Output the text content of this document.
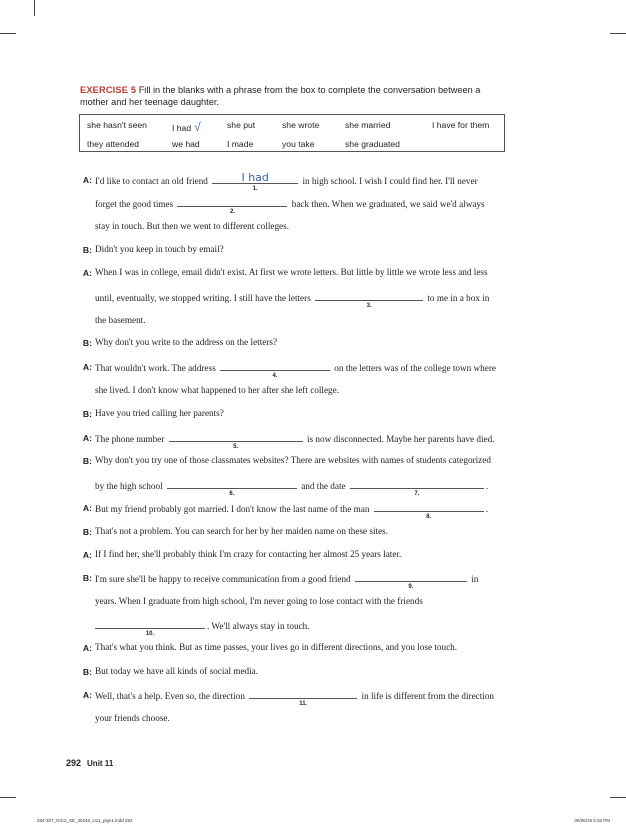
EXERCISE 5 Fill in the blanks with a phrase from the box to complete the conversation between a
mother and her teenage daughter.
she hasn't seen	I had √	she put	she wrote	she married	I have for them
they attended	we had	I made	you take	she graduated
A: I'd like to contact an old friend	I had
1.
in high school. I wish I could find her. I'll never
forget the good times
2.
back then. When we graduated, we said we'd always
stay in touch. But then we went to different colleges.
B: Didn't you keep in touch by email?
A: When I was in college, email didn't exist. At first we wrote letters. But little by little we wrote less and less
until, eventually, we stopped writing. I still have the letters
3.
to me in a box in
the basement.
B: Why don't you write to the address on the letters?
A: That wouldn't work. The address
4.
on the letters was of the college town where
she lived. I don't know what happened to her after she left college.
B: Have you tried calling her parents?
A: The phone number
5.
is now disconnected. Maybe her parents have died.
B: Why don't you try one of those classmates websites? There are websites with names of students categorized
by the high school
6.
and the date
7.
.
A: But my friend probably got married. I don't know the last name of the man
8.
.
B: That's not a problem. You can search for her by her maiden name on these sites.
A: If I find her, she'll probably think I'm crazy for contacting her almost 25 years later.
B: I'm sure she'll be happy to receive communication from a good friend
9.
in
years. When I graduate from high school, I'm never going to lose contact with the friends
10.
. We'll always stay in touch.
A: That's what you think. But as time passes, your lives go in different directions, and you lose touch.
B: But today we have all kinds of social media.
A: Well, that's a help. Even so, the direction
11.
in life is different from the direction
your friends choose.
292 Unit 11
284-307_GIC2_SE_40246_U11_pign1.indd 292	06/06/19 6:32 PM
